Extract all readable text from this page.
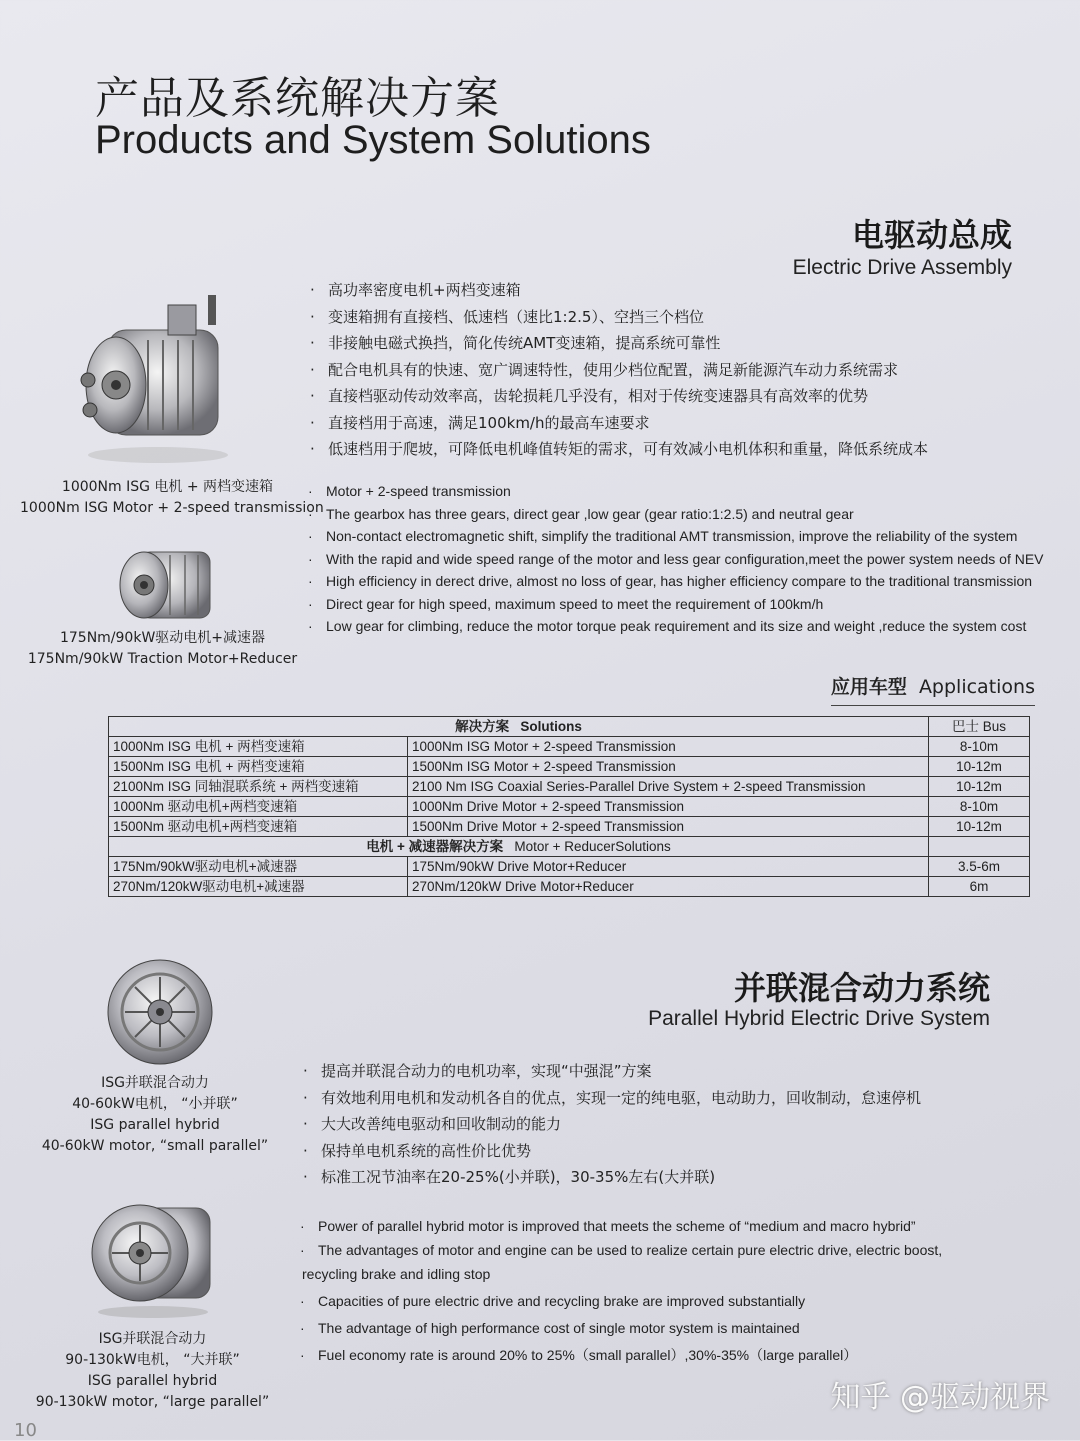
产品及系统解决方案
Products and System Solutions
电驱动总成
Electric Drive Assembly
1000Nm ISG 电机 + 两档变速箱
1000Nm ISG Motor + 2-speed transmission
175Nm/90kW驱动电机+减速器
175Nm/90kW Traction Motor+Reducer
· 高功率密度电机+两档变速箱
· 变速箱拥有直接档、低速档（速比1:2.5）、空挡三个档位
· 非接触电磁式换挡，简化传统AMT变速箱，提高系统可靠性
· 配合电机具有的快速、宽广调速特性，使用少档位配置，满足新能源汽车动力系统需求
· 直接档驱动传动效率高，齿轮损耗几乎没有，相对于传统变速器具有高效率的优势
· 直接档用于高速，满足100km/h的最高车速要求
· 低速档用于爬坡，可降低电机峰值转矩的需求，可有效减小电机体积和重量，降低系统成本
· Motor + 2-speed transmission
· The gearbox has three gears, direct gear ,low gear (gear ratio:1:2.5) and neutral gear
· Non-contact electromagnetic shift, simplify the traditional AMT transmission, improve the reliability of the system
· With the rapid and wide speed range of the motor and less gear configuration,meet the power system needs of NEV
· High efficiency in derect drive, almost no loss of gear, has higher efficiency compare to the traditional transmission
· Direct gear for high speed, maximum speed to meet the requirement of 100km/h
· Low gear for climbing, reduce the motor torque peak requirement and its size and weight ,reduce the system cost
应用车型 Applications
解决方案 Solutions		巴士 Bus
1000Nm ISG 电机 + 两档变速箱	1000Nm ISG Motor + 2-speed Transmission	8-10m
1500Nm ISG 电机 + 两档变速箱	1500Nm ISG Motor + 2-speed Transmission	10-12m
2100Nm ISG 同轴混联系统 + 两档变速箱	2100 Nm ISG Coaxial Series-Parallel Drive System + 2-speed Transmission	10-12m
1000Nm 驱动电机+两档变速箱	1000Nm Drive Motor + 2-speed Transmission	8-10m
1500Nm 驱动电机+两档变速箱	1500Nm Drive Motor + 2-speed Transmission	10-12m
电机 + 减速器解决方案 Motor + ReducerSolutions		
175Nm/90kW驱动电机+减速器	175Nm/90kW Drive Motor+Reducer	3.5-6m
270Nm/120kW驱动电机+减速器	270Nm/120kW Drive Motor+Reducer	6m
并联混合动力系统
Parallel Hybrid Electric Drive System
ISG并联混合动力
40-60kW电机， “小并联”
ISG parallel hybrid
40-60kW motor, “small parallel”
· 提高并联混合动力的电机功率，实现“中强混”方案
· 有效地利用电机和发动机各自的优点，实现一定的纯电驱，电动助力，回收制动，怠速停机
· 大大改善纯电驱动和回收制动的能力
· 保持单电机系统的高性价比优势
· 标准工况节油率在20-25%(小并联)，30-35%左右(大并联)
ISG并联混合动力
90-130kW电机， “大并联”
ISG parallel hybrid
90-130kW motor, “large parallel”
· Power of parallel hybrid motor is improved that meets the scheme of “medium and macro hybrid”
· The advantages of motor and engine can be used to realize certain pure electric drive, electric boost,
recycling brake and idling stop
· Capacities of pure electric drive and recycling brake are improved substantially
· The advantage of high performance cost of single motor system is maintained
· Fuel economy rate is around 20% to 25%（small parallel）,30%-35%（large parallel）
知乎 @驱动视界
10
